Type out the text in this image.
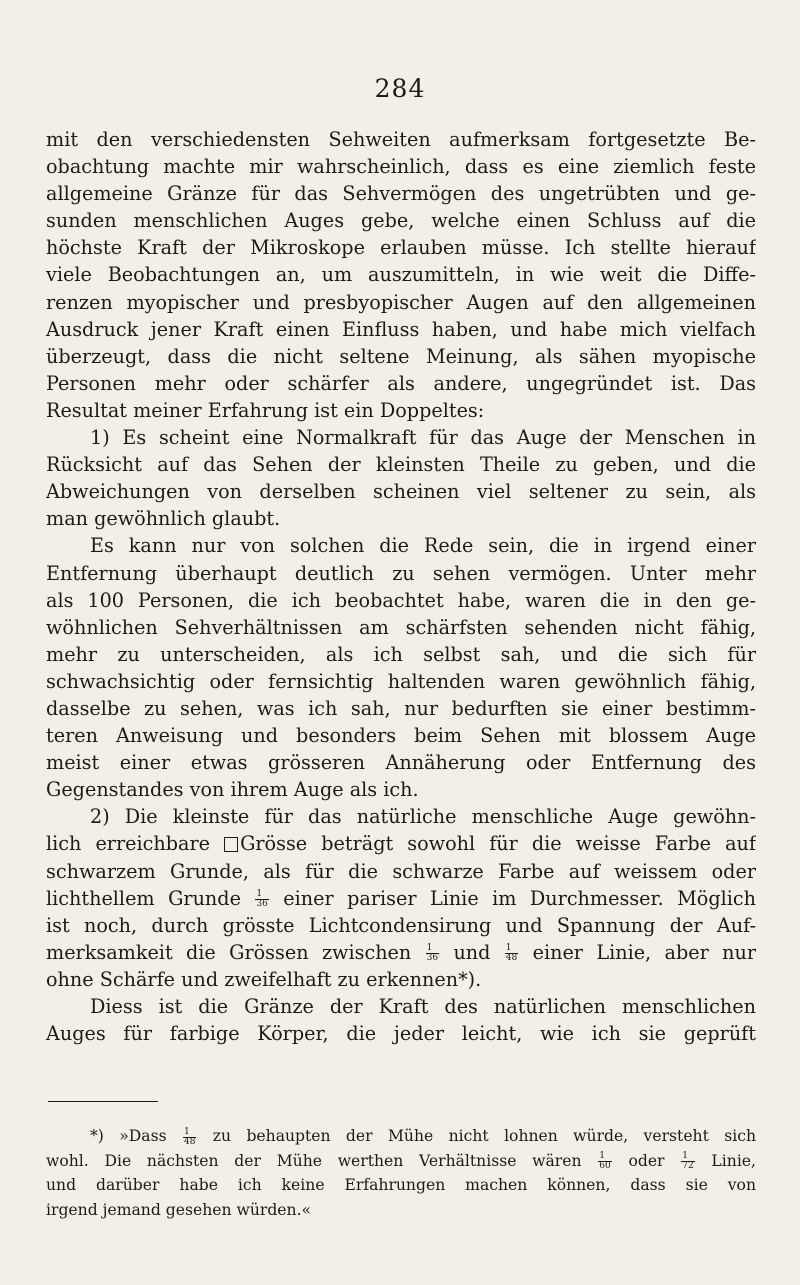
284
mit den verschiedensten Sehweiten aufmerksam fortgesetzte Be-
obachtung machte mir wahrscheinlich, dass es eine ziemlich feste
allgemeine Gränze für das Sehvermögen des ungetrübten und ge-
sunden menschlichen Auges gebe, welche einen Schluss auf die
höchste Kraft der Mikroskope erlauben müsse. Ich stellte hierauf
viele Beobachtungen an, um auszumitteln, in wie weit die Diffe-
renzen myopischer und presbyopischer Augen auf den allgemeinen
Ausdruck jener Kraft einen Einfluss haben, und habe mich vielfach
überzeugt, dass die nicht seltene Meinung, als sähen myopische
Personen mehr oder schärfer als andere, ungegründet ist. Das
Resultat meiner Erfahrung ist ein Doppeltes:
1) Es scheint eine Normalkraft für das Auge der Menschen in
Rücksicht auf das Sehen der kleinsten Theile zu geben, und die
Abweichungen von derselben scheinen viel seltener zu sein, als
man gewöhnlich glaubt.
Es kann nur von solchen die Rede sein, die in irgend einer
Entfernung überhaupt deutlich zu sehen vermögen. Unter mehr
als 100 Personen, die ich beobachtet habe, waren die in den ge-
wöhnlichen Sehverhältnissen am schärfsten sehenden nicht fähig,
mehr zu unterscheiden, als ich selbst sah, und die sich für
schwachsichtig oder fernsichtig haltenden waren gewöhnlich fähig,
dasselbe zu sehen, was ich sah, nur bedurften sie einer bestimm-
teren Anweisung und besonders beim Sehen mit blossem Auge
meist einer etwas grösseren Annäherung oder Entfernung des
Gegenstandes von ihrem Auge als ich.
2) Die kleinste für das natürliche menschliche Auge gewöhn-
lich erreichbare Grösse beträgt sowohl für die weisse Farbe auf
schwarzem Grunde, als für die schwarze Farbe auf weissem oder
lichthellem Grunde $\frac{1}{36}$ einer pariser Linie im Durchmesser. Möglich
ist noch, durch grösste Lichtcondensirung und Spannung der Auf-
merksamkeit die Grössen zwischen $\frac{1}{36}$ und $\frac{1}{48}$ einer Linie, aber nur
ohne Schärfe und zweifelhaft zu erkennen*).
Diess ist die Gränze der Kraft des natürlichen menschlichen
Auges für farbige Körper, die jeder leicht, wie ich sie geprüft
*) »Dass $\frac{1}{48}$ zu behaupten der Mühe nicht lohnen würde, versteht sich
wohl. Die nächsten der Mühe werthen Verhältnisse wären $\frac{1}{60}$ oder $\frac{1}{72}$ Linie,
und darüber habe ich keine Erfahrungen machen können, dass sie von
irgend jemand gesehen würden.«
